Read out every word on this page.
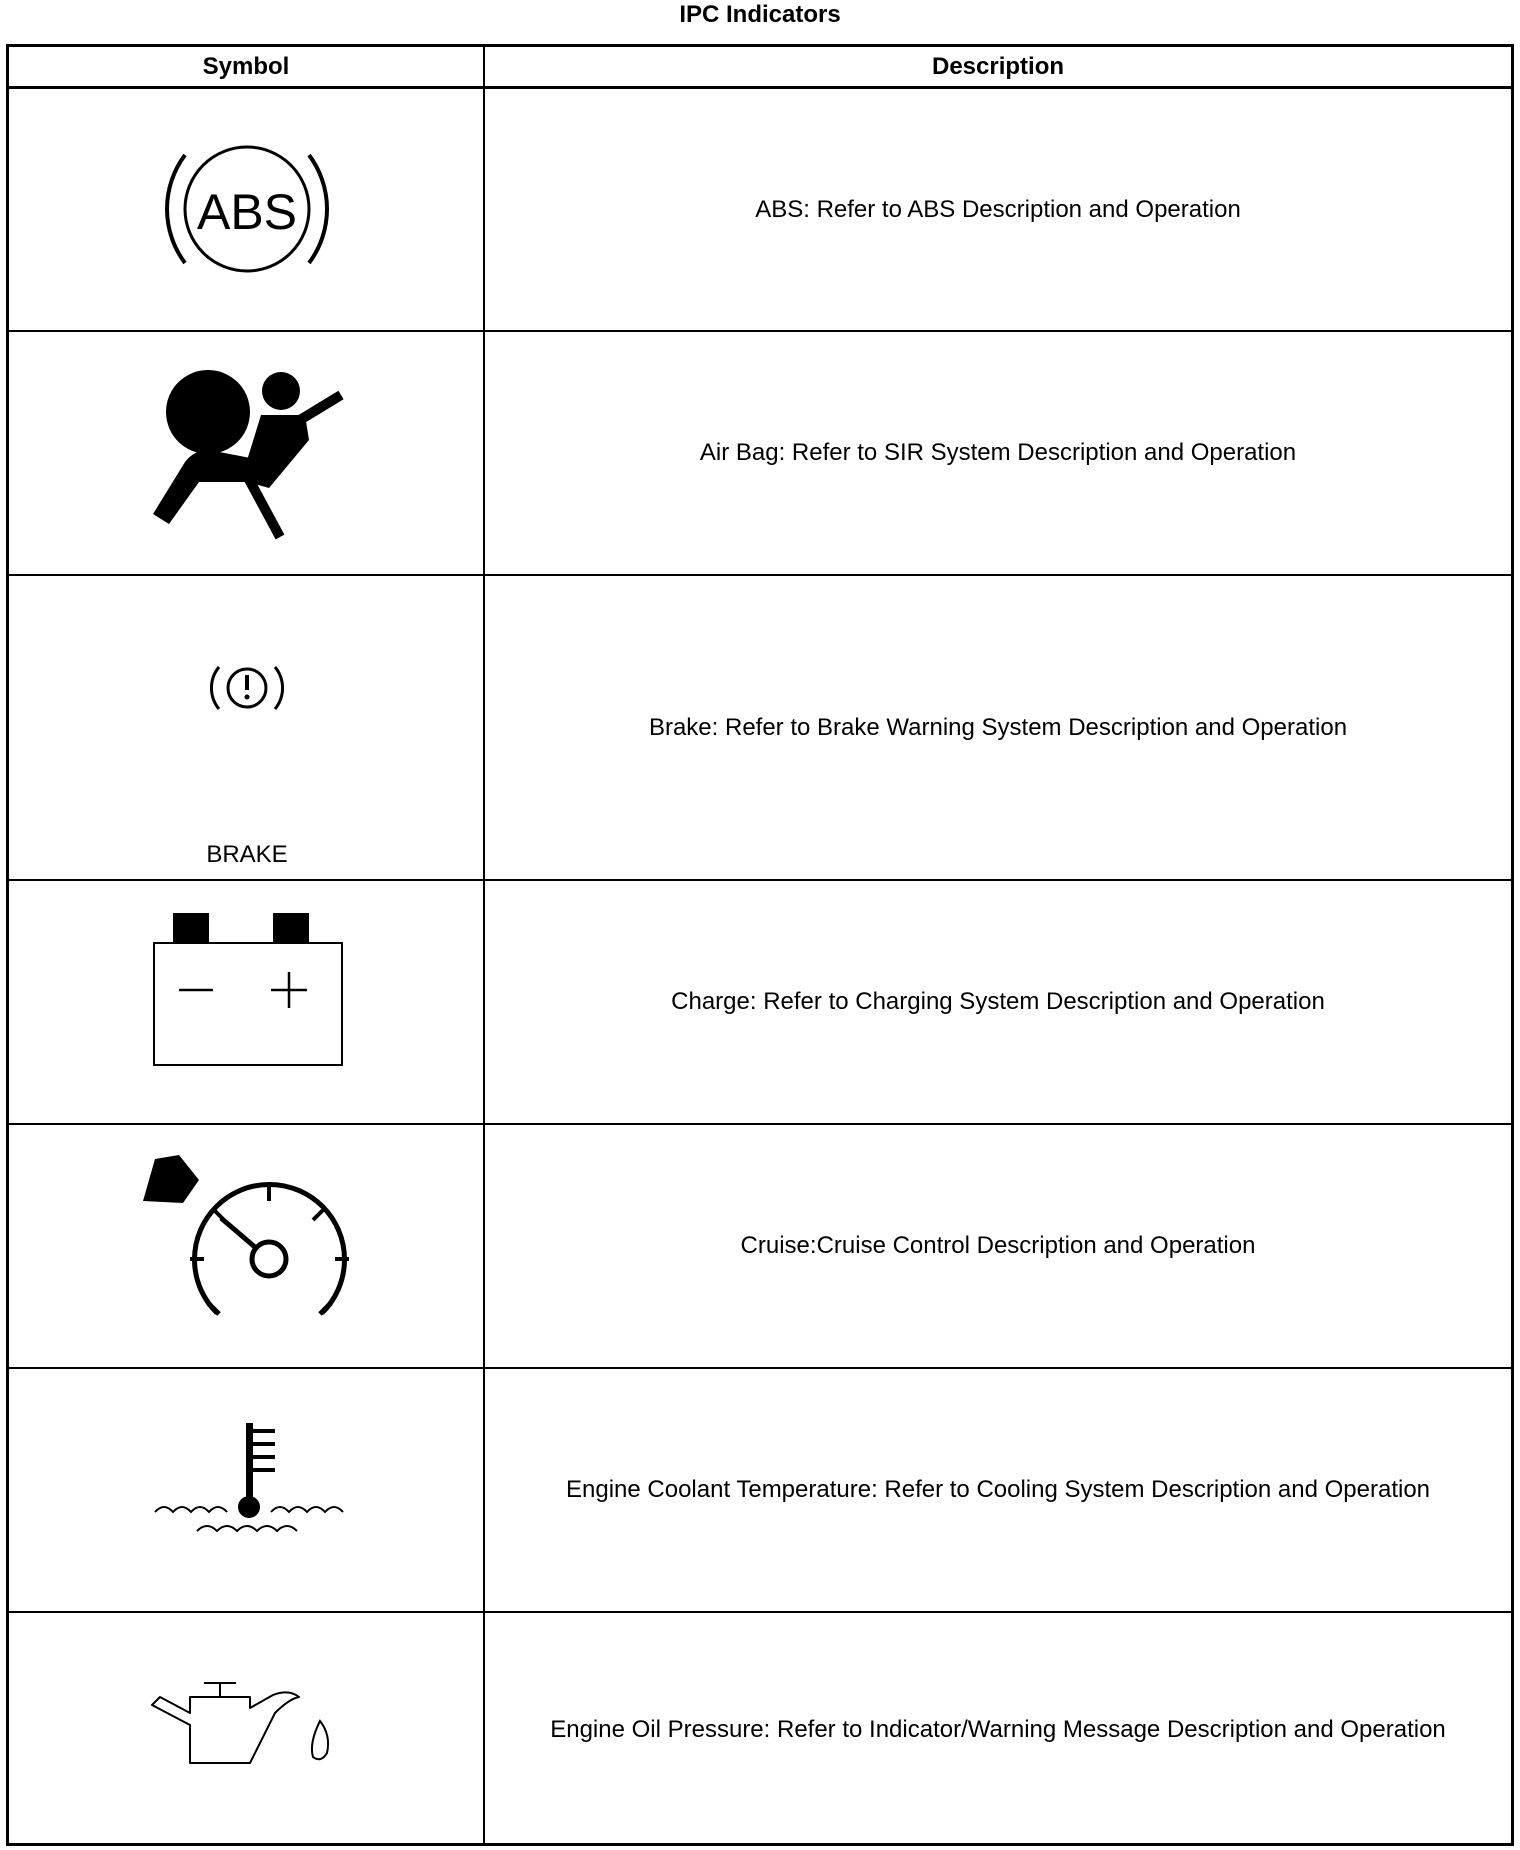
IPC Indicators
Symbol	Description
ABS	ABS: Refer to ABS Description and Operation
Air Bag: Refer to SIR System Description and Operation
BRAKE
Brake: Refer to Brake Warning System Description and Operation
Charge: Refer to Charging System Description and Operation
Cruise:Cruise Control Description and Operation
Engine Coolant Temperature: Refer to Cooling System Description and Operation
Engine Oil Pressure: Refer to Indicator/Warning Message Description and Operation
